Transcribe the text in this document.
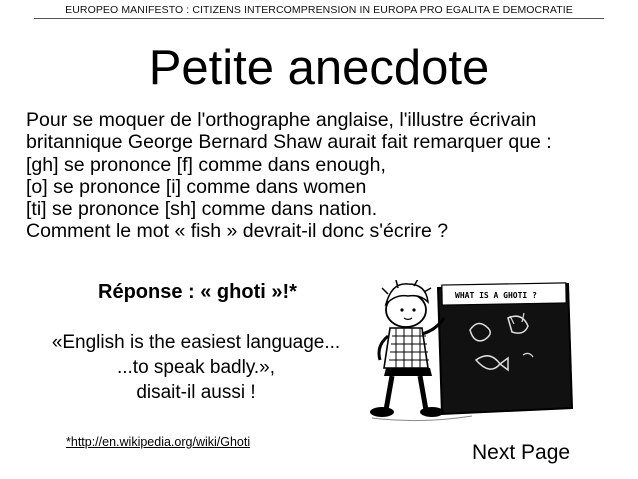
EUROPEO MANIFESTO : CITIZENS INTERCOMPRENSION IN EUROPA PRO EGALITA E DEMOCRATIE
Petite anecdote
Pour se moquer de l'orthographe anglaise, l'illustre écrivain
britannique George Bernard Shaw aurait fait remarquer que :
[gh] se prononce [f] comme dans enough,
[o] se prononce [i] comme dans women
[ti] se prononce [sh] comme dans nation.
Comment le mot « fish » devrait-il donc s'écrire ?
Réponse : « ghoti »!*
«English is the easiest language...
...to speak badly.»,
disait-il aussi !
WHAT IS A GHOTI ?
*http://en.wikipedia.org/wiki/Ghoti	Next Page
